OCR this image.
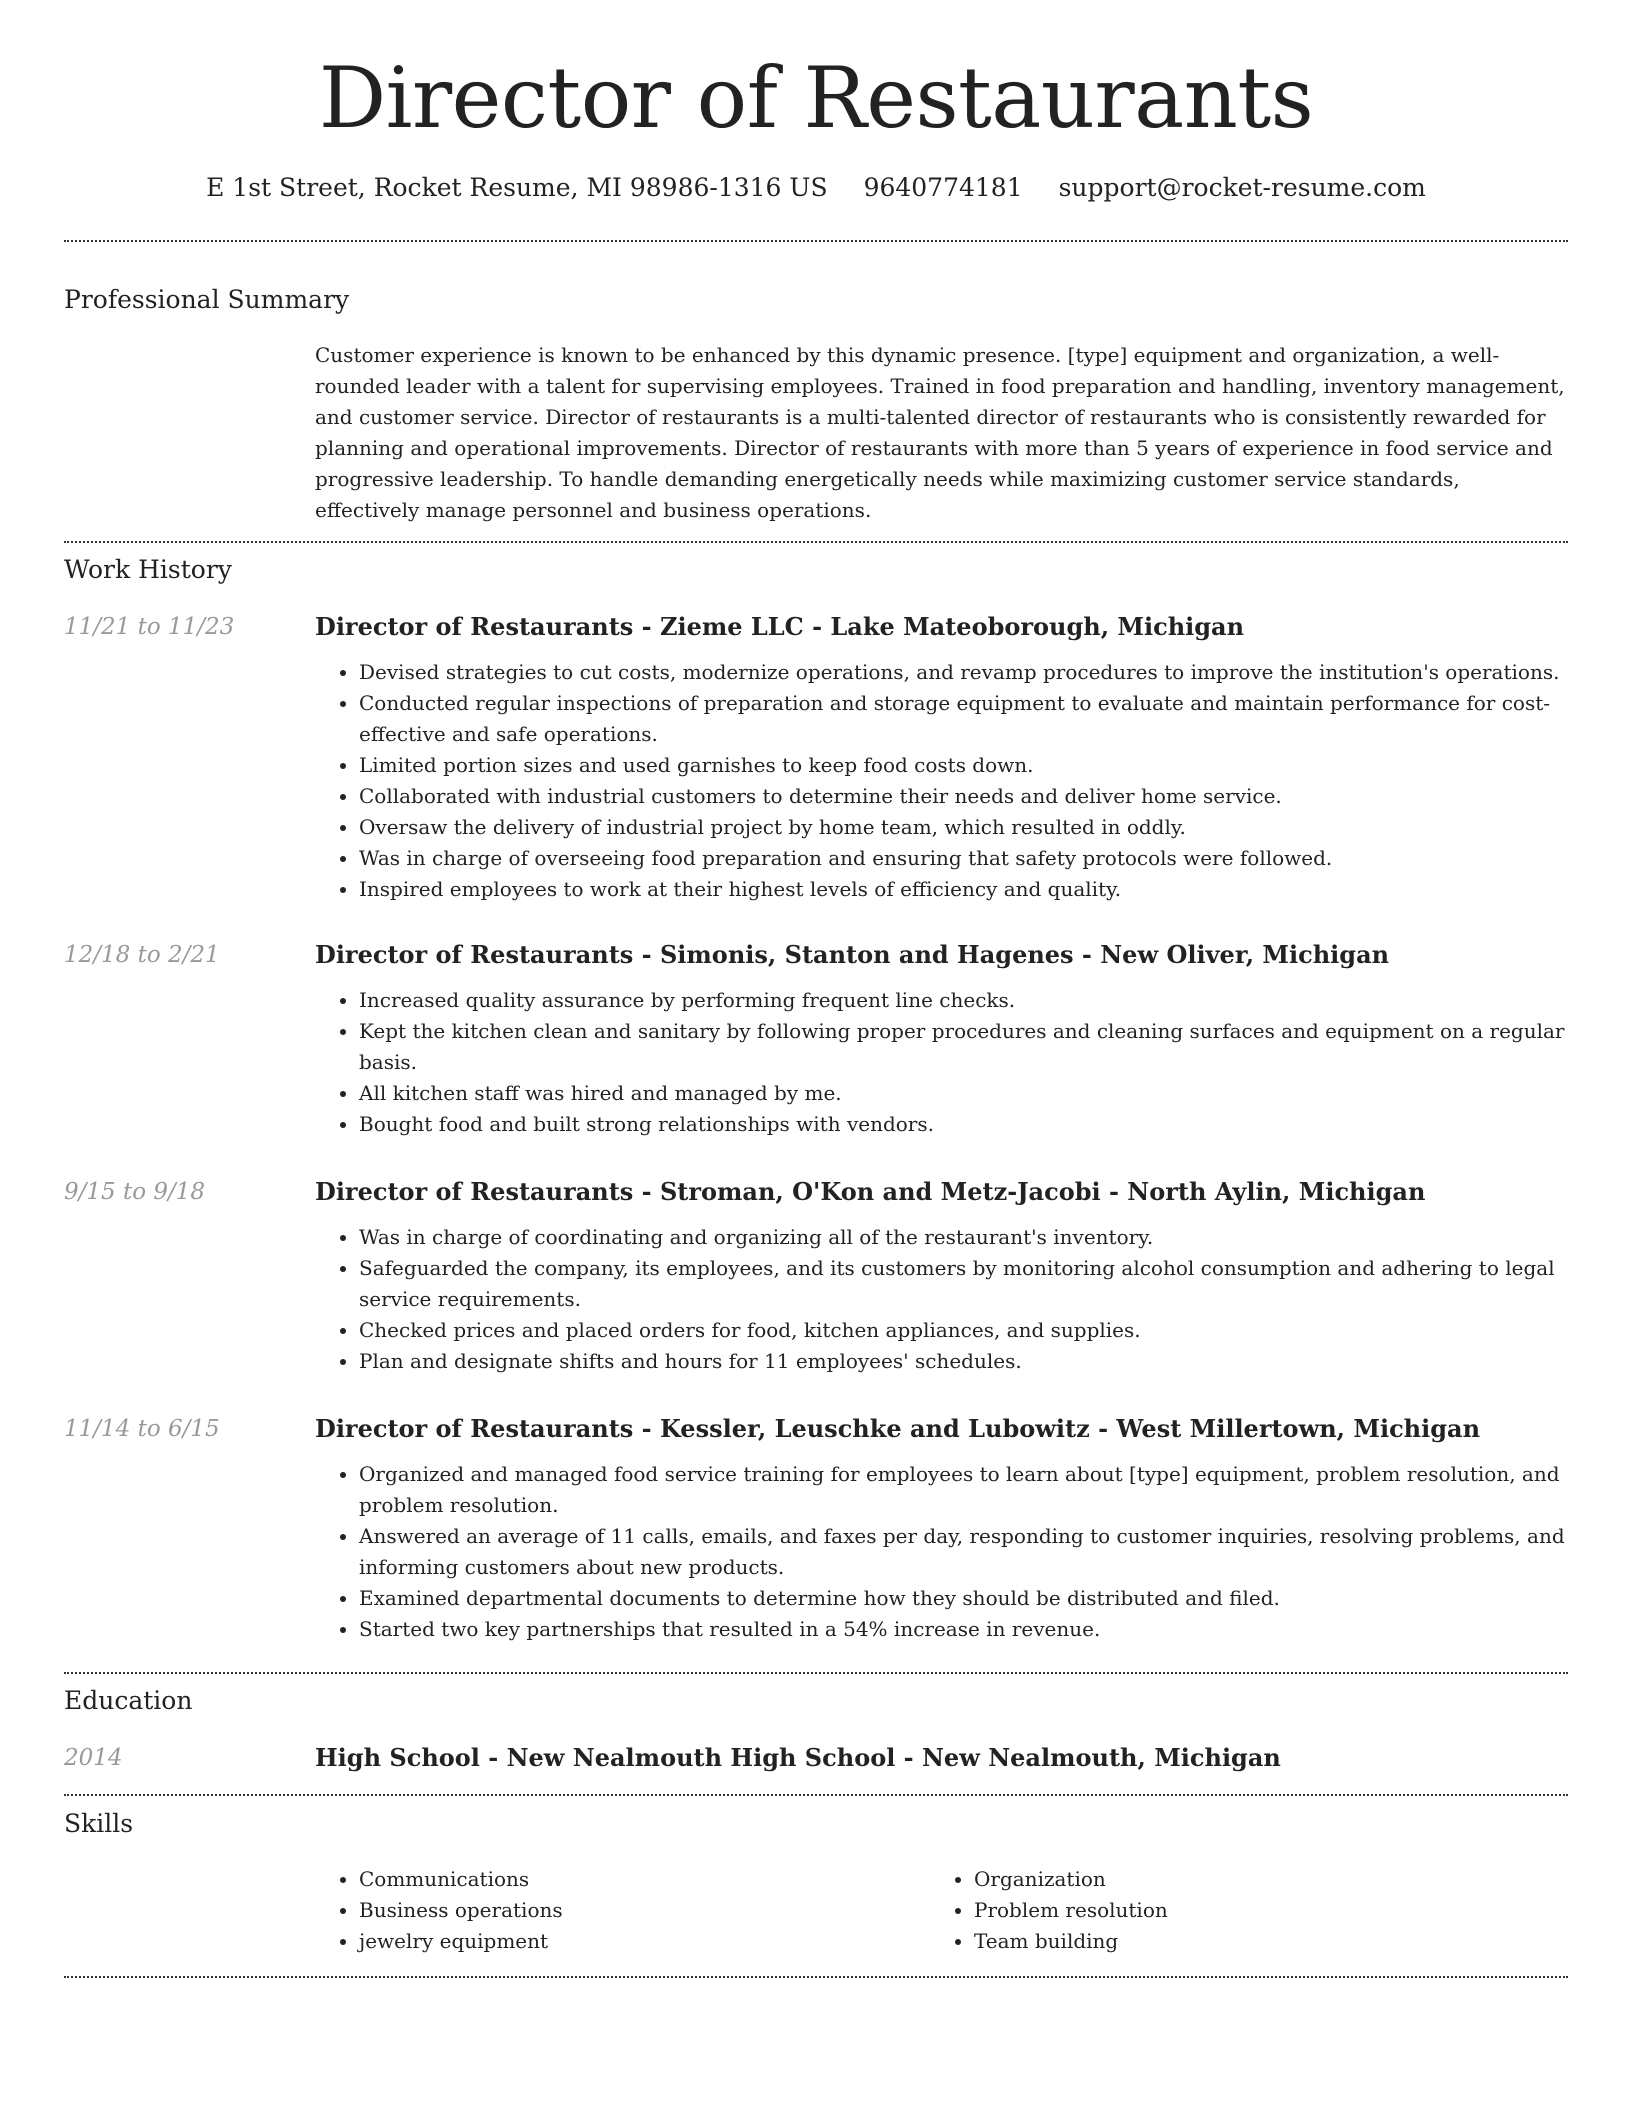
Director of Restaurants
E 1st Street, Rocket Resume, MI 98986-1316 US 9640774181 support@rocket-resume.com
Professional Summary

Customer experience is known to be enhanced by this dynamic presence. [type] equipment and organization, a well-rounded leader with a talent for supervising employees. Trained in food preparation and handling, inventory management, and customer service. Director of restaurants is a multi-talented director of restaurants who is consistently rewarded for planning and operational improvements. Director of restaurants with more than 5 years of experience in food service and progressive leadership. To handle demanding energetically needs while maximizing customer service standards, effectively manage personnel and business operations.

Work History
11/21 to 11/23	Director of Restaurants - Zieme LLC - Lake Mateoborough, Michigan
• Devised strategies to cut costs, modernize operations, and revamp procedures to improve the institution's operations.
• Conducted regular inspections of preparation and storage equipment to evaluate and maintain performance for cost-effective and safe operations.
• Limited portion sizes and used garnishes to keep food costs down.
• Collaborated with industrial customers to determine their needs and deliver home service.
• Oversaw the delivery of industrial project by home team, which resulted in oddly.
• Was in charge of overseeing food preparation and ensuring that safety protocols were followed.
• Inspired employees to work at their highest levels of efficiency and quality.
12/18 to 2/21	Director of Restaurants - Simonis, Stanton and Hagenes - New Oliver, Michigan
• Increased quality assurance by performing frequent line checks.
• Kept the kitchen clean and sanitary by following proper procedures and cleaning surfaces and equipment on a regular basis.
• All kitchen staff was hired and managed by me.
• Bought food and built strong relationships with vendors.
9/15 to 9/18	Director of Restaurants - Stroman, O'Kon and Metz-Jacobi - North Aylin, Michigan
• Was in charge of coordinating and organizing all of the restaurant's inventory.
• Safeguarded the company, its employees, and its customers by monitoring alcohol consumption and adhering to legal service requirements.
• Checked prices and placed orders for food, kitchen appliances, and supplies.
• Plan and designate shifts and hours for 11 employees' schedules.
11/14 to 6/15	Director of Restaurants - Kessler, Leuschke and Lubowitz - West Millertown, Michigan
• Organized and managed food service training for employees to learn about [type] equipment, problem resolution, and problem resolution.
• Answered an average of 11 calls, emails, and faxes per day, responding to customer inquiries, resolving problems, and informing customers about new products.
• Examined departmental documents to determine how they should be distributed and filed.
• Started two key partnerships that resulted in a 54% increase in revenue.
Education
2014	High School - New Nealmouth High School - New Nealmouth, Michigan
Skills
• Communications
• Business operations
• jewelry equipment
• Organization
• Problem resolution
• Team building
